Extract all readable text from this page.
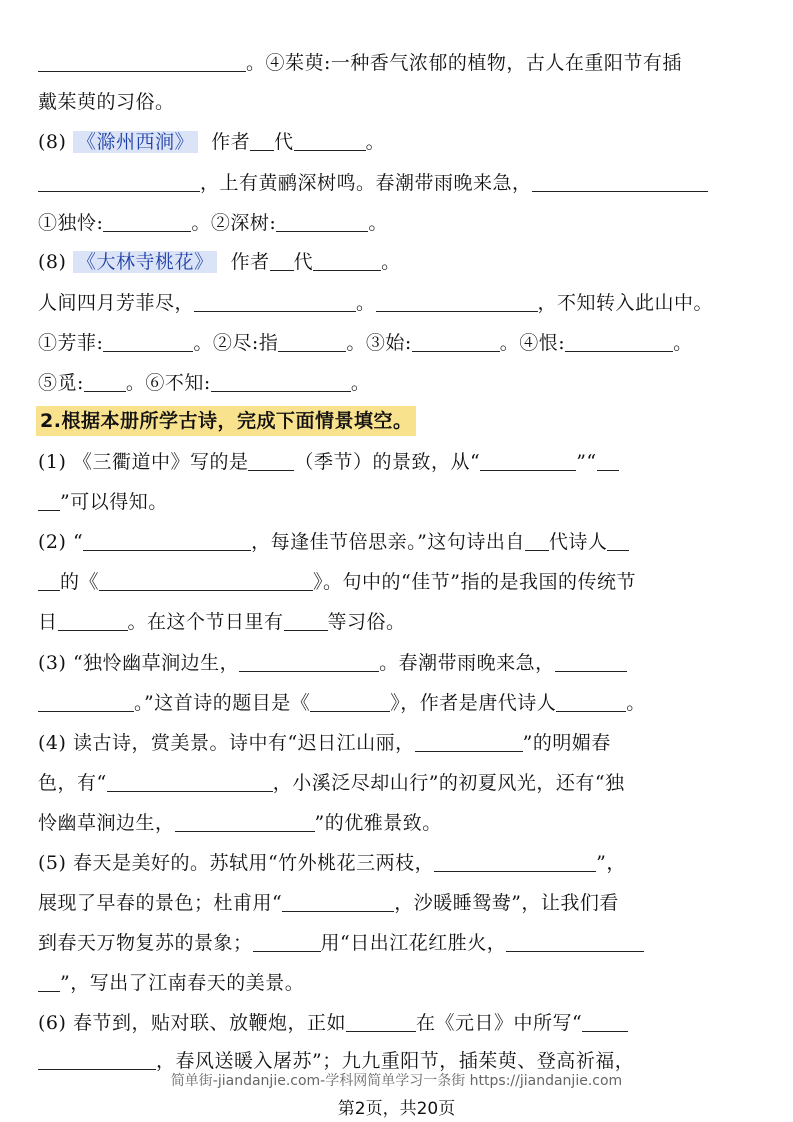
。④茱萸:一种香气浓郁的植物，古人在重阳节有插
戴茱萸的习俗。
(8) 《滁州西涧》 作者 代	。
，上有黄鹂深树鸣。春潮带雨晚来急，
①独怜:	。②深树:	。
(8) 《大林寺桃花》 作者 代	。
人间四月芳菲尽，	。	，不知转入此山中。
①芳菲:	。②尽:指	。③始:	。④恨:	。
⑤觅: 。⑥不知:	。
2.根据本册所学古诗，完成下面情景填空。
(1) 《三衢道中》写的是 （季节）的景致，从“	”“
”可以得知。
(2) “	，每逢佳节倍思亲。”这句诗出自 代诗人
的《	》。句中的“佳节”指的是我国的传统节
日	。在这个节日里有 等习俗。
(3) “独怜幽草涧边生，	。春潮带雨晚来急，
。”这首诗的题目是《	》，作者是唐代诗人	。
(4) 读古诗，赏美景。诗中有“迟日江山丽，	”的明媚春
色，有“	，小溪泛尽却山行”的初夏风光，还有“独
怜幽草涧边生，	”的优雅景致。
(5) 春天是美好的。苏轼用“竹外桃花三两枝，	”，
展现了早春的景色；杜甫用“	，沙暖睡鸳鸯”，让我们看
到春天万物复苏的景象；	用“日出江花红胜火，
”，写出了江南春天的美景。
(6) 春节到，贴对联、放鞭炮，正如	在《元日》中所写“
，春风送暖入屠苏”；九九重阳节，插茱萸、登高祈福，
简单街-jiandanjie.com-学科网简单学习一条街 https://jiandanjie.com
第2页，共20页
